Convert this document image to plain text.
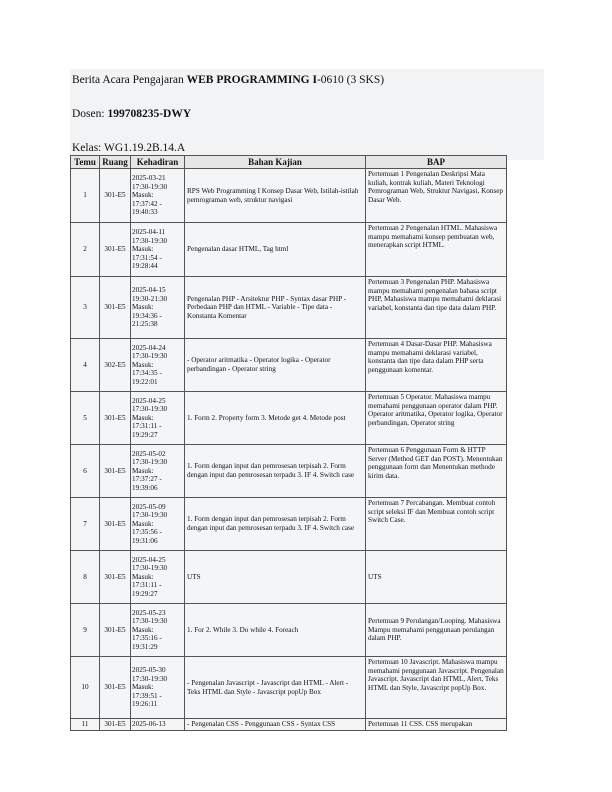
Berita Acara Pengajaran WEB PROGRAMMING I-0610 (3 SKS)
Dosen: 199708235-DWY
Kelas: WG1.19.2B.14.A
Temu	Ruang	Kehadiran	Bahan Kajian	BAP
1	301-E5	2025-03-21
17:30-19:30
Masuk:
17:37:42 -
19:40:33	RPS Web Programming I Konsep Dasar Web, Istilah-istilah pemrograman web, struktur navigasi	Pertemuan 1 Pengenalan Deskripsi Mata kuliah, kontrak kuliah, Materi Teknologi Pemrograman Web, Struktur Navigasi, Konsep Dasar Web.
2	301-E5	2025-04-11
17:30-19:30
Masuk:
17:31:54 -
19:28:44	Pengenalan dasar HTML, Tag html	Pertemuan 2 Pengenalan HTML. Mahasiswa mampu memahami konsep pembuatan web, menerapkan script HTML.
3	301-E5	2025-04-15
19:30-21:30
Masuk:
19:34:36 -
21:25:38	Pengenalan PHP - Arsitektur PHP - Syntax dasar PHP - Perbedaan PHP dan HTML - Variable - Tipe data - Konstanta Komentar	Pertemuan 3 Pengenalan PHP. Mahasiswa mampu memahami pengenalan bahasa script PHP, Mahasiswa mampu memahami deklarasi variabel, konstanta dan tipe data dalam PHP.
4	302-E5	2025-04-24
17:30-19:30
Masuk:
17:34:35 -
19:22:01	- Operator aritmatika - Operator logika - Operator perbandingan - Operator string	Pertemuan 4 Dasar-Dasar PHP. Mahasiswa mampu memahami deklarasi variabel, konstanta dan tipe data dalam PHP serta penggunaan komentar.
5	301-E5	2025-04-25
17:30-19:30
Masuk:
17:31:11 -
19:29:27	1. Form 2. Property form 3. Metode get 4. Metode post	Pertemuan 5 Operator. Mahasiswa mampu memahami penggunaan operator dalam PHP. Operator aritmatika, Operator logika, Operator perbandingan, Operator string
6	301-E5	2025-05-02
17:30-19:30
Masuk:
17:37:27 -
19:39:06	1. Form dengan input dan pemrosesan terpisah 2. Form dengan input dan pemrosesan terpadu 3. IF 4. Switch case	Pertemuan 6 Penggunaan Form & HTTP Server (Method GET dan POST). Menentukan penggunaan form dan Menentukan methode kirim data.
7	301-E5	2025-05-09
17:30-19:30
Masuk:
17:35:56 -
19:31:06	1. Form dengan input dan pemrosesan terpisah 2. Form dengan input dan pemrosesan terpadu 3. IF 4. Switch case	Pertemuan 7 Percabangan. Membuat contoh script seleksi IF dan Membuat contoh script Switch Case.
8	301-E5	2025-04-25
17:30-19:30
Masuk:
17:31:11 -
19:29:27	UTS	UTS
9	301-E5	2025-05-23
17:30-19:30
Masuk:
17:35:16 -
19:31:29	1. For 2. While 3. Do while 4. Foreach	Pertemuan 9 Perulangan/Looping. Mahasiswa Mampu memahami penggunaan perulangan dalam PHP.
10	301-E5	2025-05-30
17:30-19:30
Masuk:
17:39:51 -
19:26:11	- Pengenalan Javascript - Javascript dan HTML - Alert - Teks HTML dan Style - Javascript popUp Box	Pertemuan 10 Javascript. Mahasiswa mampu memahami penggunaan Javascript. Pengenalan Javascript. Javascript dan HTML, Alert, Teks HTML dan Style, Javascript popUp Box.
11	301-E5	2025-06-13	- Pengenalan CSS - Penggunaan CSS - Syntax CSS	Pertemuan 11 CSS. CSS merupakan
